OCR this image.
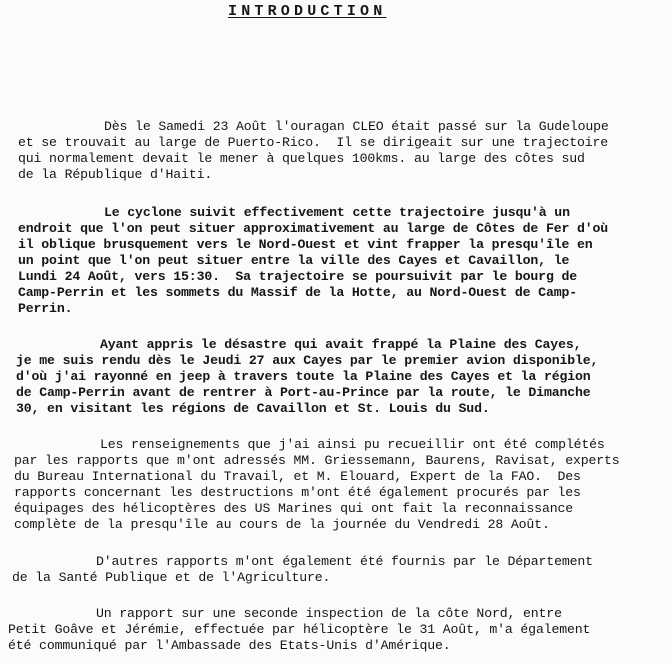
INTRODUCTION
Dès le Samedi 23 Août l'ouragan CLEO était passé sur la Gudeloupe
et se trouvait au large de Puerto-Rico.  Il se dirigeait sur une trajectoire
qui normalement devait le mener à quelques 100kms. au large des côtes sud
de la République d'Haiti.
Le cyclone suivit effectivement cette trajectoire jusqu'à un
endroit que l'on peut situer approximativement au large de Côtes de Fer d'où
il oblique brusquement vers le Nord-Ouest et vint frapper la presqu'île en
un point que l'on peut situer entre la ville des Cayes et Cavaillon, le
Lundi 24 Août, vers 15:30.  Sa trajectoire se poursuivit par le bourg de
Camp-Perrin et les sommets du Massif de la Hotte, au Nord-Ouest de Camp-
Perrin.
Ayant appris le désastre qui avait frappé la Plaine des Cayes,
je me suis rendu dès le Jeudi 27 aux Cayes par le premier avion disponible,
d'où j'ai rayonné en jeep à travers toute la Plaine des Cayes et la région
de Camp-Perrin avant de rentrer à Port-au-Prince par la route, le Dimanche
30, en visitant les régions de Cavaillon et St. Louis du Sud.
Les renseignements que j'ai ainsi pu recueillir ont été complétés
par les rapports que m'ont adressés MM. Griessemann, Baurens, Ravisat, experts
du Bureau International du Travail, et M. Elouard, Expert de la FAO.  Des
rapports concernant les destructions m'ont été également procurés par les
équipages des hélicoptères des US Marines qui ont fait la reconnaissance
complète de la presqu'île au cours de la journée du Vendredi 28 Août.
D'autres rapports m'ont également été fournis par le Département
de la Santé Publique et de l'Agriculture.
Un rapport sur une seconde inspection de la côte Nord, entre
Petit Goâve et Jérémie, effectuée par hélicoptère le 31 Août, m'a également
été communiqué par l'Ambassade des Etats-Unis d'Amérique.
